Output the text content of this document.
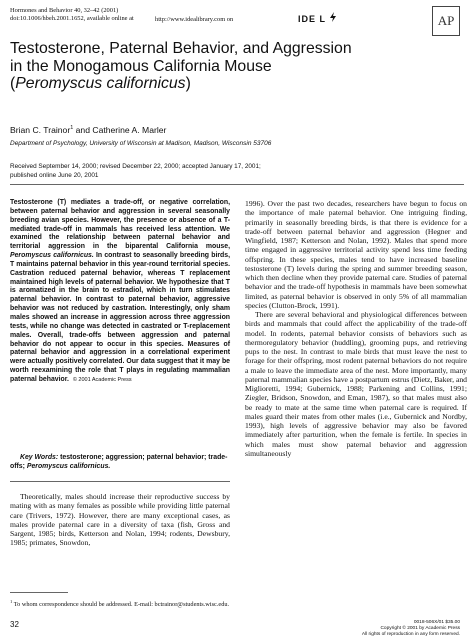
Hormones and Behavior 40, 32–42 (2001)
doi:10.1006/hbeh.2001.1652, available online at	http://www.idealibrary.com on	IDE L	AP
Testosterone, Paternal Behavior, and Aggression
in the Monogamous California Mouse
(Peromyscus californicus)
Brian C. Trainor$^1$ and Catherine A. Marler
Department of Psychology, University of Wisconsin at Madison, Madison, Wisconsin 53706
Received September 14, 2000; revised December 22, 2000; accepted January 17, 2001;
published online June 20, 2001
Testosterone (T) mediates a trade-off, or negative correlation, between paternal behavior and aggression in several seasonally breeding avian species. However, the presence or absence of a T-mediated trade-off in mammals has received less attention. We examined the relationship between paternal behavior and territorial aggression in the biparental California mouse, Peromyscus californicus. In contrast to seasonally breeding birds, T maintains paternal behavior in this year-round territorial species. Castration reduced paternal behavior, whereas T replacement maintained high levels of paternal behavior. We hypothesize that T is aromatized in the brain to estradiol, which in turn stimulates paternal behavior. In contrast to paternal behavior, aggressive behavior was not reduced by castration. Interestingly, only sham males showed an increase in aggression across three aggression tests, while no change was detected in castrated or T-replacement males. Overall, trade-offs between aggression and paternal behavior do not appear to occur in this species. Measures of paternal behavior and aggression in a correlational experiment were actually positively correlated. Our data suggest that it may be worth reexamining the role that T plays in regulating mammalian paternal behavior. © 2001 Academic Press
Key Words: testosterone; aggression; paternal behavior; trade-offs; Peromyscus californicus.
Theoretically, males should increase their reproductive success by mating with as many females as possible while providing little paternal care (Trivers, 1972). However, there are many exceptional cases, as males provide paternal care in a diversity of taxa (fish, Gross and Sargent, 1985; birds, Ketterson and Nolan, 1994; rodents, Dewsbury, 1985; primates, Snowdon,
$^1$ To whom correspondence should be addressed. E-mail: bctrainor@students.wisc.edu.

1996). Over the past two decades, researchers have begun to focus on the importance of male paternal behavior. One intriguing finding, primarily in seasonally breeding birds, is that there is evidence for a trade-off between paternal behavior and aggression (Hegner and Wingfield, 1987; Ketterson and Nolan, 1992). Males that spend more time engaged in aggressive territorial activity spend less time feeding offspring. In these species, males tend to have increased baseline testosterone (T) levels during the spring and summer breeding season, which then decline when they provide paternal care. Studies of paternal behavior and the trade-off hypothesis in mammals have been somewhat limited, as paternal behavior is observed in only 5% of all mammalian species (Clutton-Brock, 1991).

There are several behavioral and physiological differences between birds and mammals that could affect the applicability of the trade-off model. In rodents, paternal behavior consists of behaviors such as thermoregulatory behavior (huddling), grooming pups, and retrieving pups to the nest. In contrast to male birds that must leave the nest to forage for their offspring, most rodent paternal behaviors do not require a male to leave the immediate area of the nest. More importantly, many paternal mammalian species have a postpartum estrus (Dietz, Baker, and Miglioretti, 1994; Gubernick, 1988; Parkening and Collins, 1991; Ziegler, Bridson, Snowdon, and Eman, 1987), so that males must also be ready to mate at the same time when paternal care is required. If males guard their mates from other males (i.e., Gubernick and Nordby, 1993), high levels of aggressive behavior may also be favored immediately after parturition, when the female is fertile. In species in which males must show paternal behavior and aggression simultaneously

32	0018-506X/01 $35.00
Copyright © 2001 by Academic Press
All rights of reproduction in any form reserved.
